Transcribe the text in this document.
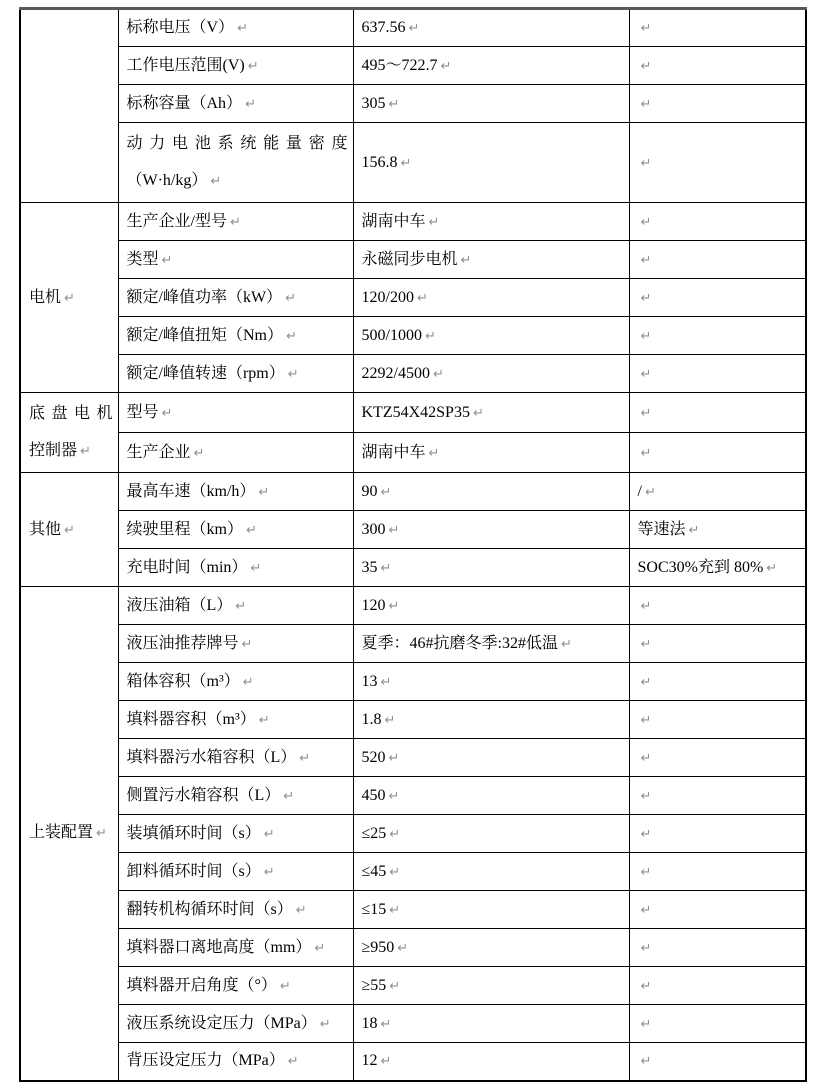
	标称电压（V） ↵	637.56 ↵	↵
	工作电压范围(V) ↵	495～722.7 ↵	↵
	标称容量（Ah） ↵	305 ↵	↵

	动力电池系统能量密度
（W·h/kg） ↵	156.8 ↵	↵
电机 ↵	生产企业/型号 ↵	湖南中车 ↵	↵
	类型 ↵	永磁同步电机 ↵	↵
	额定/峰值功率（kW） ↵	120/200 ↵	↵
	额定/峰值扭矩（Nm） ↵	500/1000 ↵	↵
	额定/峰值转速（rpm） ↵	2292/4500 ↵	↵

底盘电机
控制器 ↵	型号 ↵	KTZ54X42SP35 ↵	↵
	生产企业 ↵	湖南中车 ↵	↵
其他 ↵	最高车速（km/h） ↵	90 ↵	/ ↵
	续驶里程（km） ↵	300 ↵	等速法 ↵
	充电时间（min） ↵	35 ↵	SOC30%充到 80% ↵
上装配置 ↵	液压油箱（L） ↵	120 ↵	↵
	液压油推荐牌号 ↵	夏季：46#抗磨冬季:32#低温 ↵	↵
	箱体容积（m³） ↵	13 ↵	↵
	填料器容积（m³） ↵	1.8 ↵	↵
	填料器污水箱容积（L） ↵	520 ↵	↵
	侧置污水箱容积（L） ↵	450 ↵	↵
	装填循环时间（s） ↵	≤25 ↵	↵
	卸料循环时间（s） ↵	≤45 ↵	↵
	翻转机构循环时间（s） ↵	≤15 ↵	↵
	填料器口离地高度（mm） ↵	≥950 ↵	↵
	填料器开启角度（°） ↵	≥55 ↵	↵
	液压系统设定压力（MPa） ↵	18 ↵	↵
	背压设定压力（MPa） ↵	12 ↵	↵
